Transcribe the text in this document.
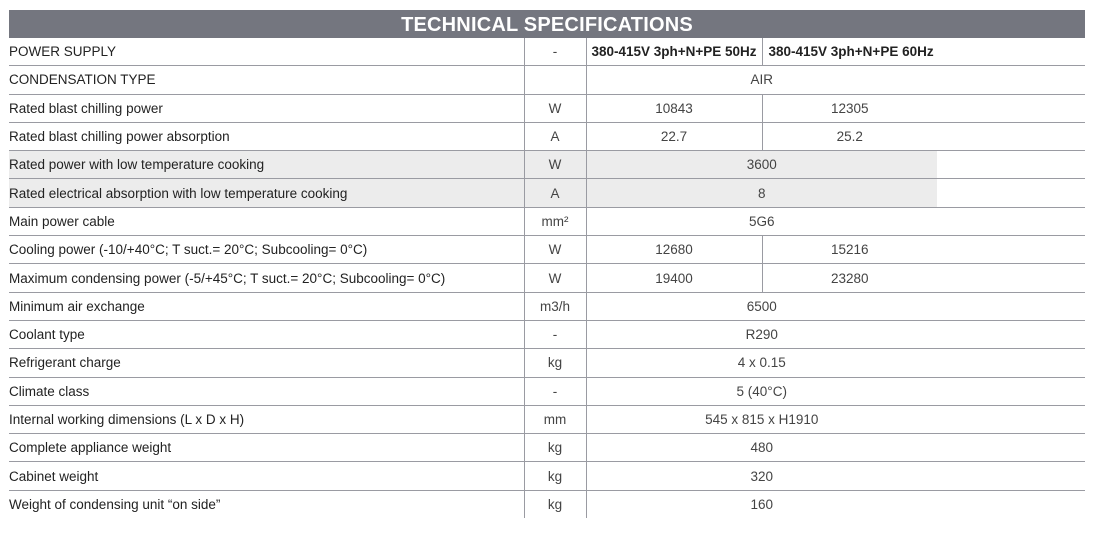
TECHNICAL SPECIFICATIONS
POWER SUPPLY	-	380-415V 3ph+N+PE 50Hz	380-415V 3ph+N+PE 60Hz	
CONDENSATION TYPE		AIR		
Rated blast chilling power	W	10843	12305	
Rated blast chilling power absorption	A	22.7	25.2	
Rated power with low temperature cooking	W	3600		
Rated electrical absorption with low temperature cooking	A	8		
Main power cable	mm²	5G6		
Cooling power (-10/+40°C; T suct.= 20°C; Subcooling= 0°C)	W	12680	15216	
Maximum condensing power (-5/+45°C; T suct.= 20°C; Subcooling= 0°C)	W	19400	23280	
Minimum air exchange	m3/h	6500		
Coolant type	-	R290		
Refrigerant charge	kg	4 x 0.15		
Climate class	-	5 (40°C)		
Internal working dimensions (L x D x H)	mm	545 x 815 x H1910		
Complete appliance weight	kg	480		
Cabinet weight	kg	320		
Weight of condensing unit “on side”	kg	160		
